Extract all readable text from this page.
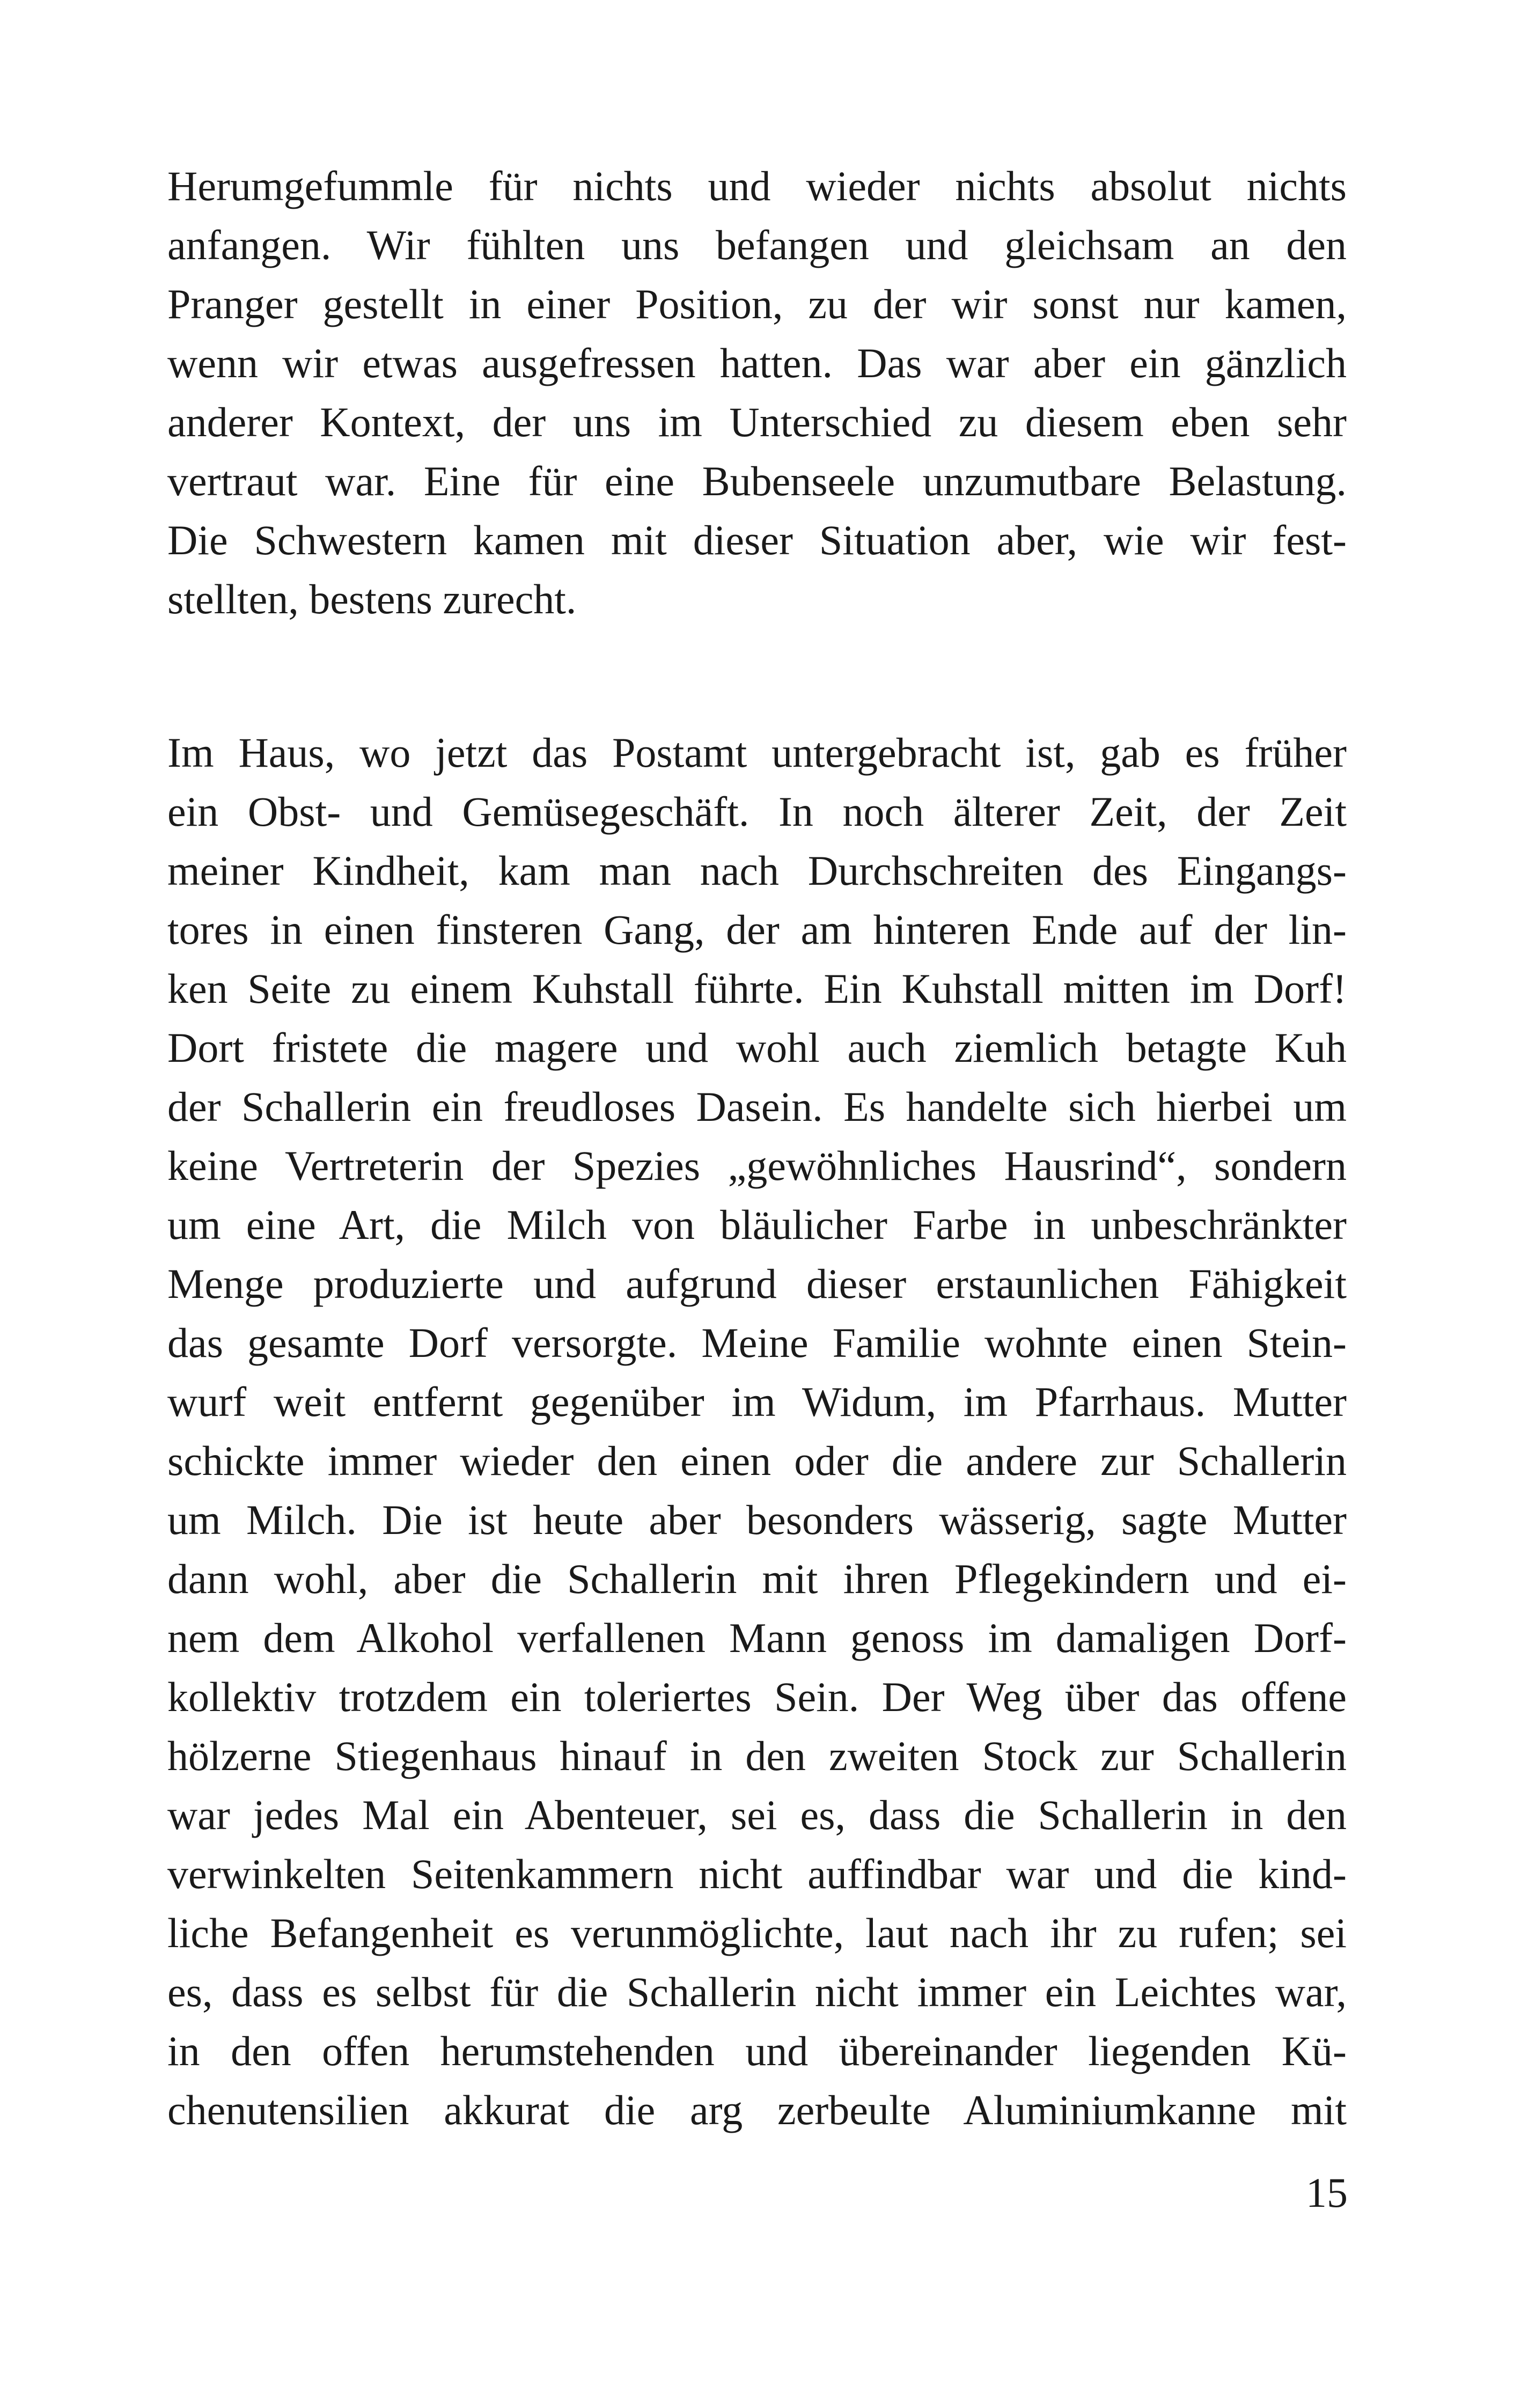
Herumgefummle für nichts und wieder nichts absolut nichts
anfangen. Wir fühlten uns befangen und gleichsam an den
Pranger gestellt in einer Position, zu der wir sonst nur kamen,
wenn wir etwas ausgefressen hatten. Das war aber ein gänzlich
anderer Kontext, der uns im Unterschied zu diesem eben sehr
vertraut war. Eine für eine Bubenseele unzumutbare Belastung.
Die Schwestern kamen mit dieser Situation aber, wie wir fest-
stellten, bestens zurecht.
Im Haus, wo jetzt das Postamt untergebracht ist, gab es früher
ein Obst- und Gemüsegeschäft. In noch älterer Zeit, der Zeit
meiner Kindheit, kam man nach Durchschreiten des Eingangs-
tores in einen finsteren Gang, der am hinteren Ende auf der lin-
ken Seite zu einem Kuhstall führte. Ein Kuhstall mitten im Dorf!
Dort fristete die magere und wohl auch ziemlich betagte Kuh
der Schallerin ein freudloses Dasein. Es handelte sich hierbei um
keine Vertreterin der Spezies „gewöhnliches Hausrind“, sondern
um eine Art, die Milch von bläulicher Farbe in unbeschränkter
Menge produzierte und aufgrund dieser erstaunlichen Fähigkeit
das gesamte Dorf versorgte. Meine Familie wohnte einen Stein-
wurf weit entfernt gegenüber im Widum, im Pfarrhaus. Mutter
schickte immer wieder den einen oder die andere zur Schallerin
um Milch. Die ist heute aber besonders wässerig, sagte Mutter
dann wohl, aber die Schallerin mit ihren Pflegekindern und ei-
nem dem Alkohol verfallenen Mann genoss im damaligen Dorf-
kollektiv trotzdem ein toleriertes Sein. Der Weg über das offene
hölzerne Stiegenhaus hinauf in den zweiten Stock zur Schallerin
war jedes Mal ein Abenteuer, sei es, dass die Schallerin in den
verwinkelten Seitenkammern nicht auffindbar war und die kind-
liche Befangenheit es verunmöglichte, laut nach ihr zu rufen; sei
es, dass es selbst für die Schallerin nicht immer ein Leichtes war,
in den offen herumstehenden und übereinander liegenden Kü-
chenutensilien akkurat die arg zerbeulte Aluminiumkanne mit
15
